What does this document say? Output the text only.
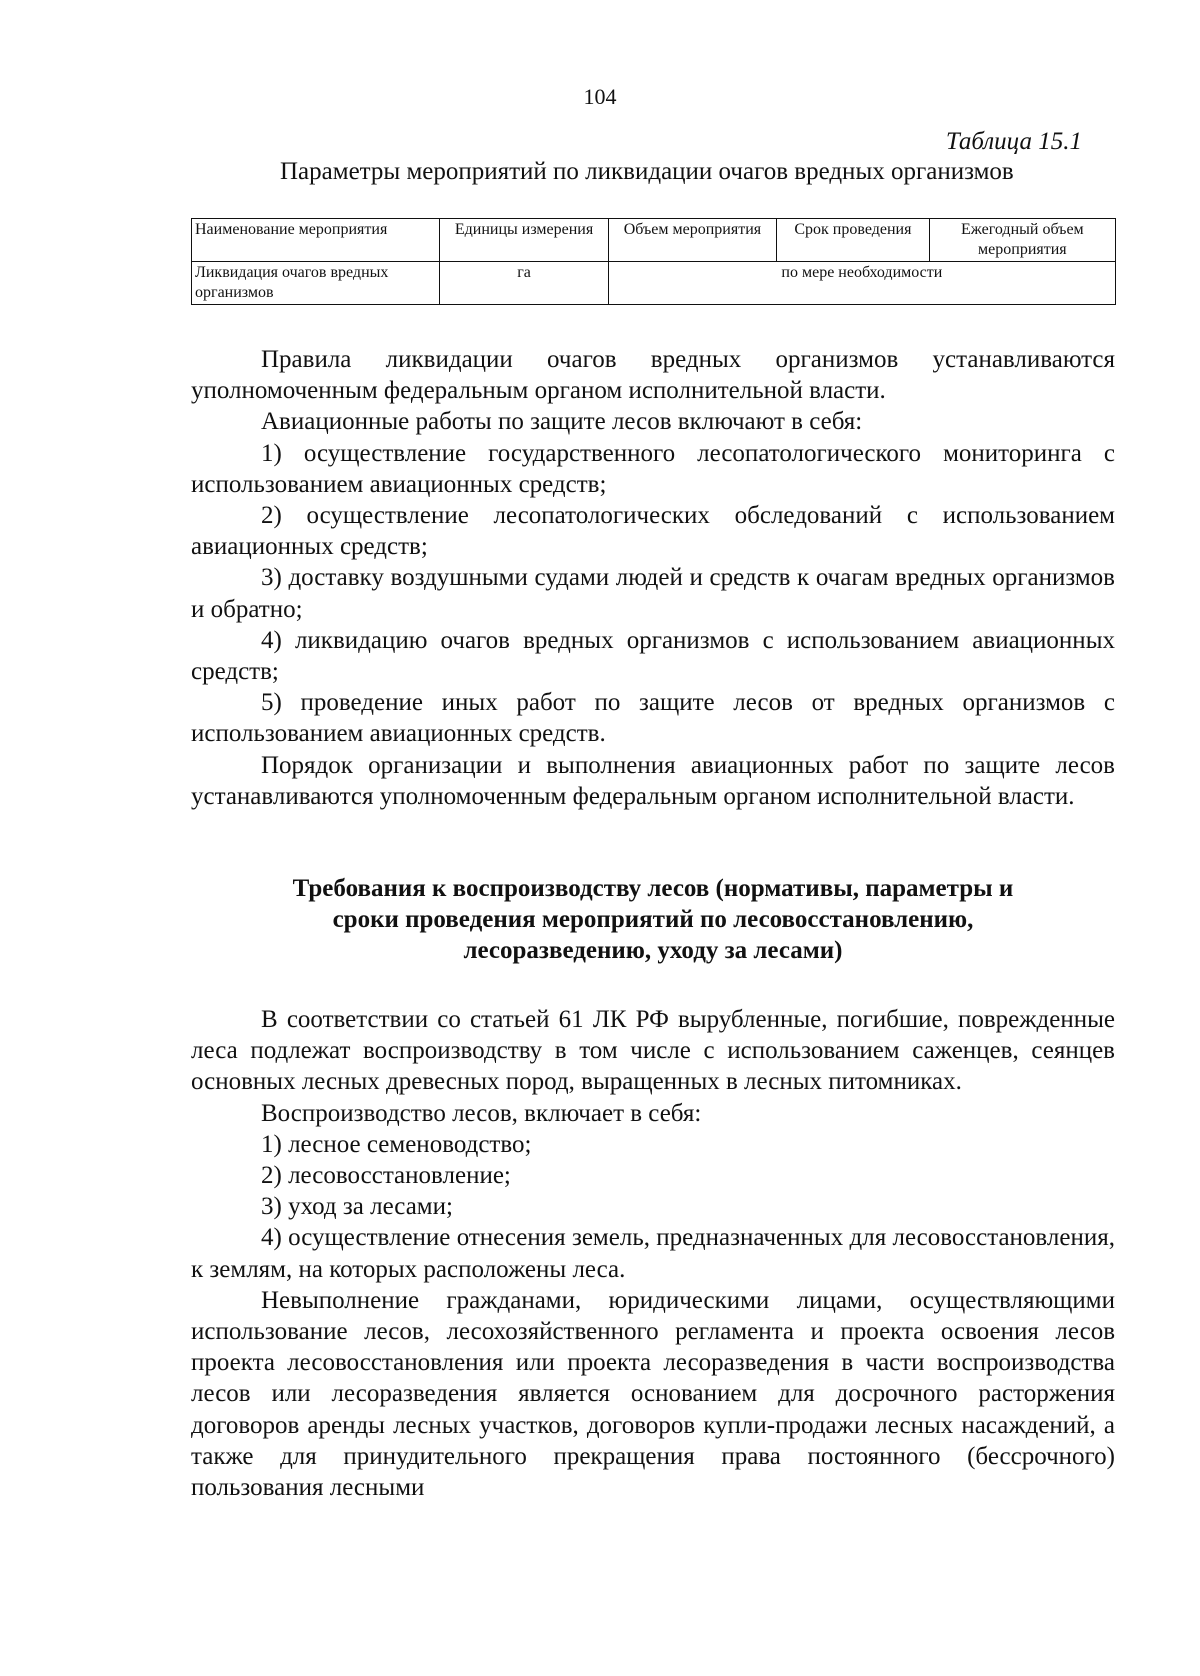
104
Таблица 15.1
Параметры мероприятий по ликвидации очагов вредных организмов
Наименование мероприятия	Единицы измерения	Объем мероприятия	Срок проведения	Ежегодный объем мероприятия
Ликвидация очагов вредных организмов	га	по мере необходимости		

Правила ликвидации очагов вредных организмов устанавливаются уполномоченным федеральным органом исполнительной власти.

Авиационные работы по защите лесов включают в себя:

1) осуществление государственного лесопатологического мониторинга с использованием авиационных средств;

2) осуществление лесопатологических обследований с использованием авиационных средств;

3) доставку воздушными судами людей и средств к очагам вредных организмов и обратно;

4) ликвидацию очагов вредных организмов с использованием авиационных средств;

5) проведение иных работ по защите лесов от вредных организмов с использованием авиационных средств.

Порядок организации и выполнения авиационных работ по защите лесов устанавливаются уполномоченным федеральным органом исполнительной власти.

Требования к воспроизводству лесов (нормативы, параметры и
сроки проведения мероприятий по лесовосстановлению,
лесоразведению, уходу за лесами)

В соответствии со статьей 61 ЛК РФ вырубленные, погибшие, поврежденные леса подлежат воспроизводству в том числе с использованием саженцев, сеянцев основных лесных древесных пород, выращенных в лесных питомниках.

Воспроизводство лесов, включает в себя:

1) лесное семеноводство;

2) лесовосстановление;

3) уход за лесами;

4) осуществление отнесения земель, предназначенных для лесовосстановления, к землям, на которых расположены леса.

Невыполнение гражданами, юридическими лицами, осуществляющими использование лесов, лесохозяйственного регламента и проекта освоения лесов проекта лесовосстановления или проекта лесоразведения в части воспроизводства лесов или лесоразведения является основанием для досрочного расторжения договоров аренды лесных участков, договоров купли-продажи лесных насаждений, а также для принудительного прекращения права постоянного (бессрочного) пользования лесными
